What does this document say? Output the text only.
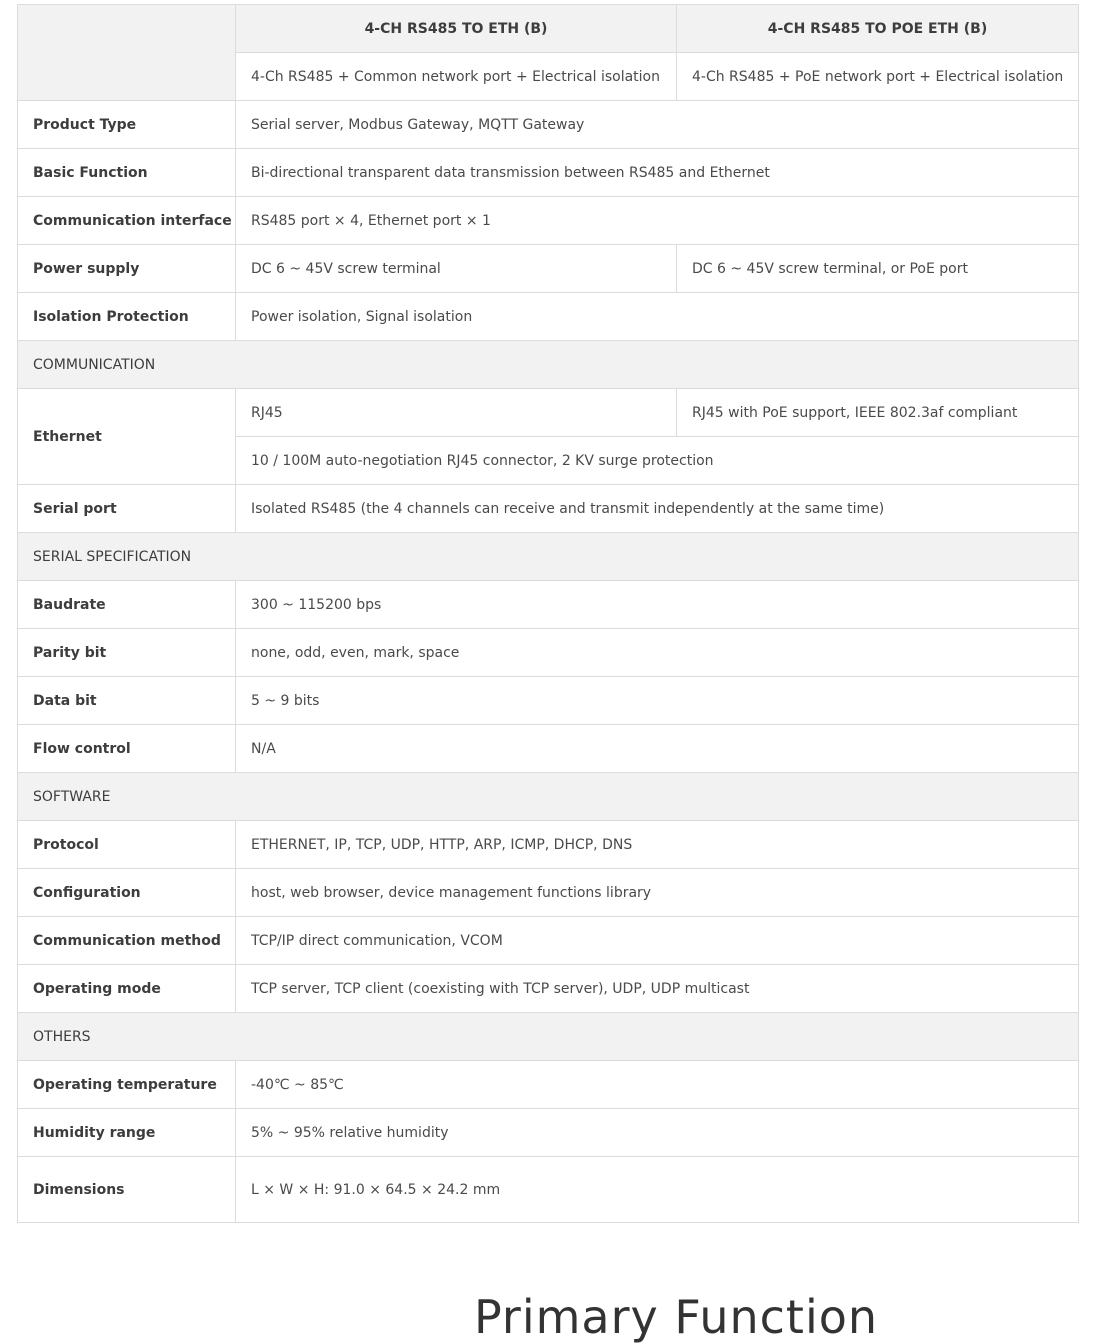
	4-CH RS485 TO ETH (B)	4-CH RS485 TO POE ETH (B)
	4-Ch RS485 + Common network port + Electrical isolation	4-Ch RS485 + PoE network port + Electrical isolation
Product Type	Serial server, Modbus Gateway, MQTT Gateway	
Basic Function	Bi-directional transparent data transmission between RS485 and Ethernet	
Communication interface	RS485 port × 4, Ethernet port × 1	
Power supply	DC 6 ~ 45V screw terminal	DC 6 ~ 45V screw terminal, or PoE port
Isolation Protection	Power isolation, Signal isolation	
COMMUNICATION		
Ethernet	RJ45	RJ45 with PoE support, IEEE 802.3af compliant
	10 / 100M auto-negotiation RJ45 connector, 2 KV surge protection	
Serial port	Isolated RS485 (the 4 channels can receive and transmit independently at the same time)	
SERIAL SPECIFICATION		
Baudrate	300 ~ 115200 bps	
Parity bit	none, odd, even, mark, space	
Data bit	5 ~ 9 bits	
Flow control	N/A	
SOFTWARE		
Protocol	ETHERNET, IP, TCP, UDP, HTTP, ARP, ICMP, DHCP, DNS	
Configuration	host, web browser, device management functions library	
Communication method	TCP/IP direct communication, VCOM	
Operating mode	TCP server, TCP client (coexisting with TCP server), UDP, UDP multicast	
OTHERS		
Operating temperature	-40℃ ~ 85℃	
Humidity range	5% ~ 95% relative humidity	
Dimensions	L × W × H: 91.0 × 64.5 × 24.2 mm	
Primary Function
